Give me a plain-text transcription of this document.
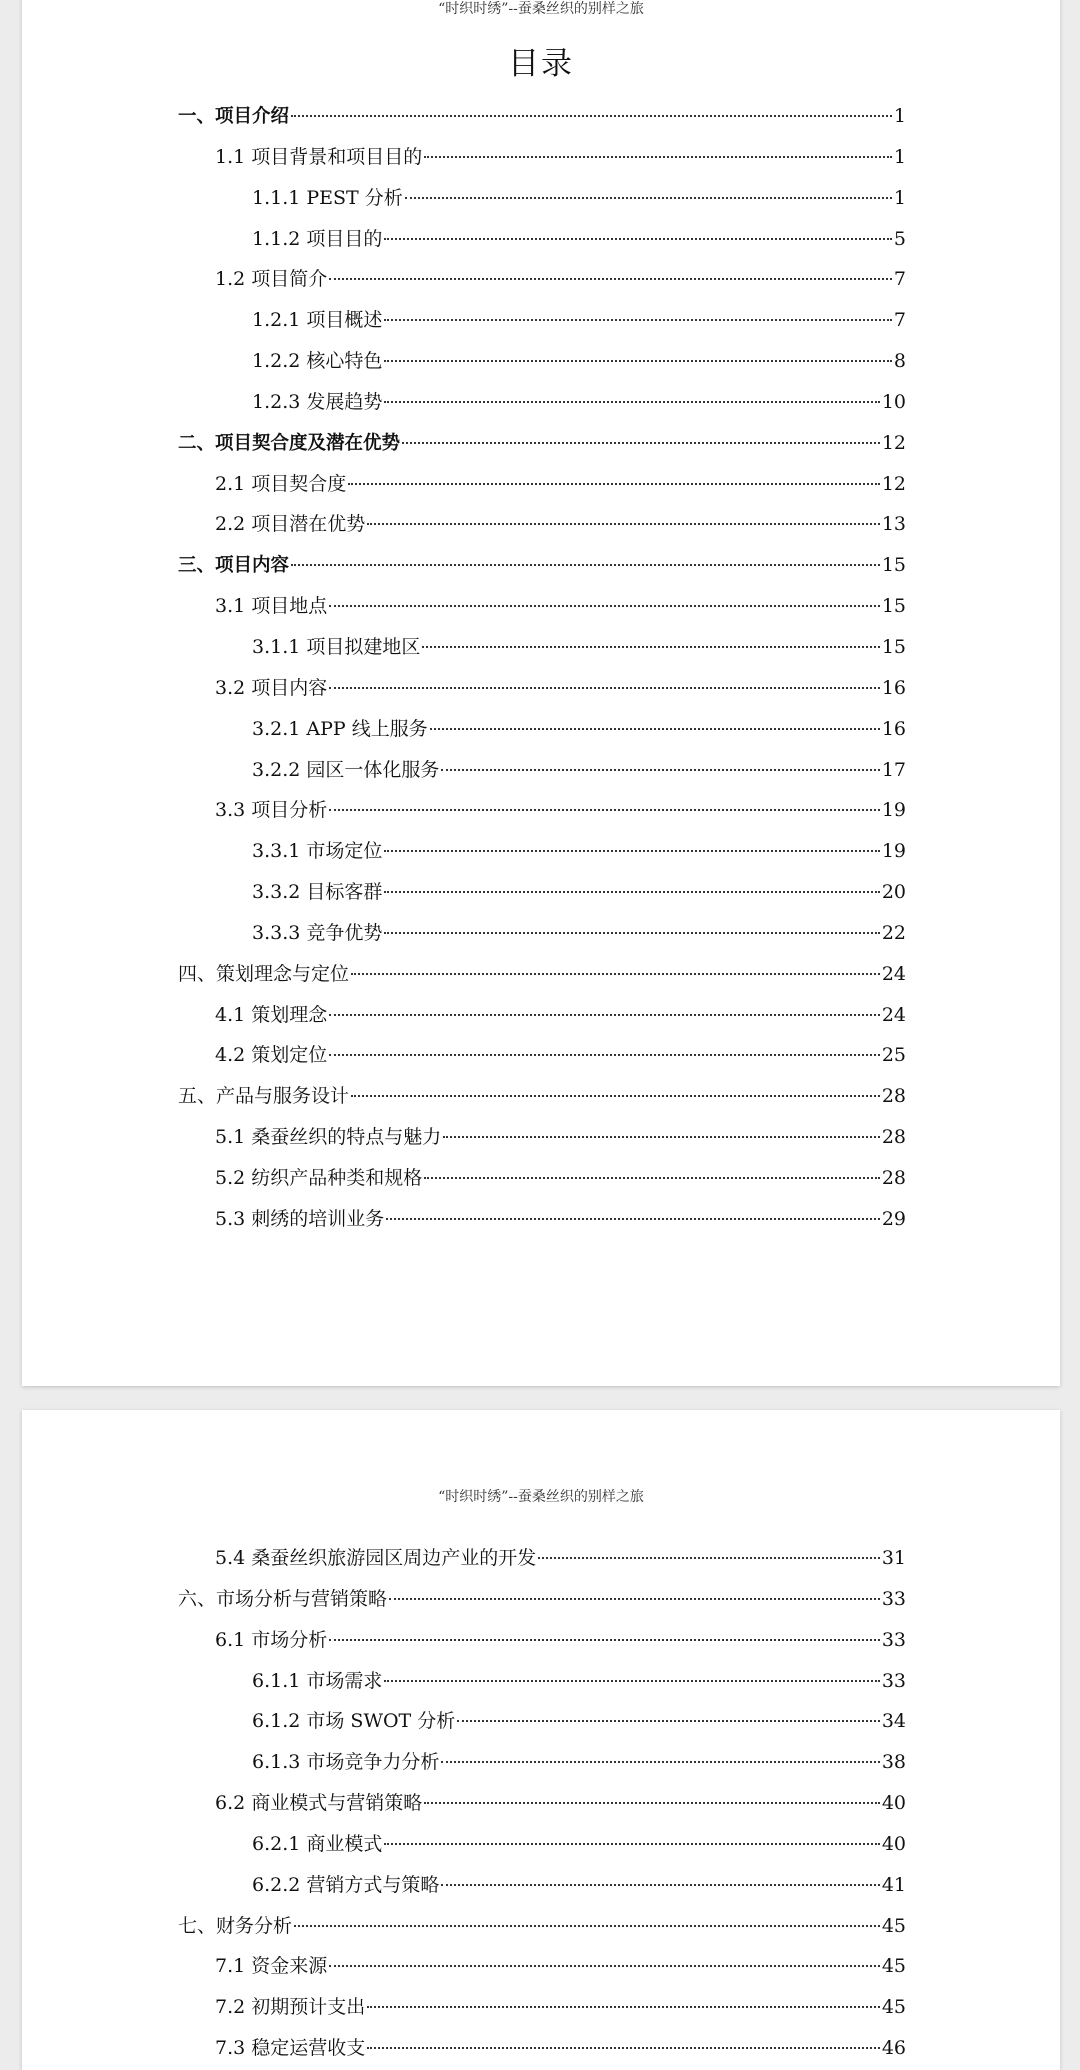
“时织时绣”--蚕桑丝织的别样之旅
目录
一、项目介绍	1
1.1 项目背景和项目目的	1
1.1.1 PEST 分析	1
1.1.2 项目目的	5
1.2 项目简介	7
1.2.1 项目概述	7
1.2.2 核心特色	8
1.2.3 发展趋势	10
二、项目契合度及潜在优势	12
2.1 项目契合度	12
2.2 项目潜在优势	13
三、项目内容	15
3.1 项目地点	15
3.1.1 项目拟建地区	15
3.2 项目内容	16
3.2.1 APP 线上服务	16
3.2.2 园区一体化服务	17
3.3 项目分析	19
3.3.1 市场定位	19
3.3.2 目标客群	20
3.3.3 竞争优势	22
四、策划理念与定位	24
4.1 策划理念	24
4.2 策划定位	25
五、产品与服务设计	28
5.1 桑蚕丝织的特点与魅力	28
5.2 纺织产品种类和规格	28
5.3 刺绣的培训业务	29
“时织时绣”--蚕桑丝织的别样之旅
5.4 桑蚕丝织旅游园区周边产业的开发	31
六、市场分析与营销策略	33
6.1 市场分析	33
6.1.1 市场需求	33
6.1.2 市场 SWOT 分析	34
6.1.3 市场竞争力分析	38
6.2 商业模式与营销策略	40
6.2.1 商业模式	40
6.2.2 营销方式与策略	41
七、财务分析	45
7.1 资金来源	45
7.2 初期预计支出	45
7.3 稳定运营收支	46
